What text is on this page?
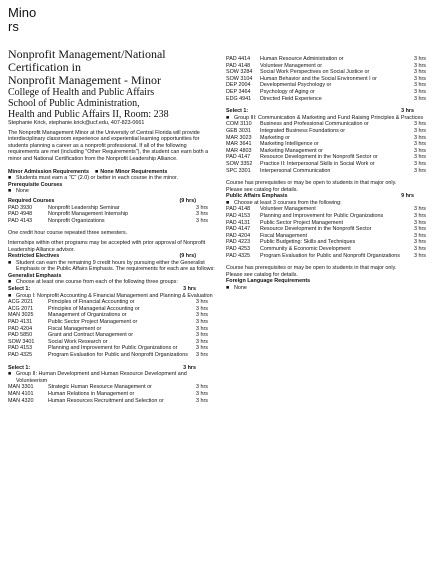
Mino
rs
Nonprofit Management/National
Certification in
Nonprofit Management - Minor
College of Health and Public Affairs
School of Public Administration,
Health and Public Affairs II, Room: 238
Stephanie Krick, stephanie.krick@ucf.edu, 407-823-0661
The Nonprofit Management Minor at the University of Central Florida will provide interdisciplinary classroom experience and experiential learning opportunities for students planning a career as a nonprofit professional. If all of the following requirements are met (including "Other Requirements"), the student can earn both a minor and National Certification from the Nonprofit Leadership Alliance.
Minor Admission Requirements ■ None Minor Requirements
■ Students must earn a "C" (2.0) or better in each course in the minor.
Prerequisite Courses
■ None
Required Courses	(9 hrs)
PAD 3930	Nonprofit Leadership Seminar	3 hrs
PAD 4948	Nonprofit Management Internship	3 hrs
PAD 4143	Nonprofit Organizations	3 hrs
One credit hour course repeated three semesters.
Internships within other programs may be accepted with prior approval of Nonprofit Leadership Alliance advisor.
Restricted Electives	(9 hrs)
■ Student can earn the remaining 9 credit hours by pursuing either the Generalist Emphasis or the Public Affairs Emphasis. The requirements for each are as follows:
Generalist Emphasis
■ Choose at least one course from each of the following three groups:
Select 1:	3 hrs
■ Group I: Nonprofit Accounting & Financial Management and Planning & Evaluation
ACG 2021	Principles of Financial Accounting or	3 hrs
ACG 2071	Principles of Managerial Accounting or	3 hrs
MAN 3025	Management of Organizations or	3 hrs
PAD 4131	Public Sector Project Management or	3 hrs
PAD 4204	Fiscal Management or	3 hrs
PAD 5850	Grant and Contract Management or	3 hrs
SOW 3401	Social Work Research or	3 hrs
PAD 4153	Planning and Improvement for Public Organizations or	3 hrs
PAD 4325	Program Evaluation for Public and Nonprofit Organizations	3 hrs
Select 1:	3 hrs
■ Group II: Human Development and Human Resource Development and Volunteerism
MAN 3301	Strategic Human Resource Management or	3 hrs
MAN 4101	Human Relations in Management or	3 hrs
MAN 4320	Human Resources Recruitment and Selection or	3 hrs
PAD 4414	Human Resource Administration or	3 hrs
PAD 4148	Volunteer Management or	3 hrs
SOW 3284	Social Work Perspectives on Social Justice or	3 hrs
SOW 3104	Human Behavior and the Social Environment I or	3 hrs
DEP 2004	Developmental Psychology or	3 hrs
DEP 3464	Psychology of Aging or	3 hrs
EDG 4941	Directed Field Experience	3 hrs
Select 1:	3 hrs
■ Group III: Communication & Marketing and Fund Raising Principles & Practices
COM 3110	Business and Professional Communication or	3 hrs
GEB 3031	Integrated Business Foundations or	3 hrs
MAR 3023	Marketing or	3 hrs
MAR 3641	Marketing Intelligence or	3 hrs
MAR 4803	Marketing Management or	3 hrs
PAD 4147	Resource Development in the Nonprofit Sector or	3 hrs
SOW 3352	Practice II: Interpersonal Skills in Social Work or	3 hrs
SPC 3301	Interpersonal Communication	3 hrs
Course has prerequisites or may be open to students in that major only.
Please see catalog for details.
Public Affairs Emphasis	9 hrs
■ Choose at least 3 courses from the following:
PAD 4148	Volunteer Management	3 hrs
PAD 4153	Planning and Improvement for Public Organizations	3 hrs
PAD 4131	Public Sector Project Management	3 hrs
PAD 4147	Resource Development in the Nonprofit Sector	3 hrs
PAD 4204	Fiscal Management	3 hrs
PAD 4223	Public Budgeting: Skills and Techniques	3 hrs
PAD 4253	Community & Economic Development	3 hrs
PAD 4325	Program Evaluation for Public and Nonprofit Organizations	3 hrs
Course has prerequisites or may be open to students in that major only.
Please see catalog for details.
Foreign Language Requirements
■ None
